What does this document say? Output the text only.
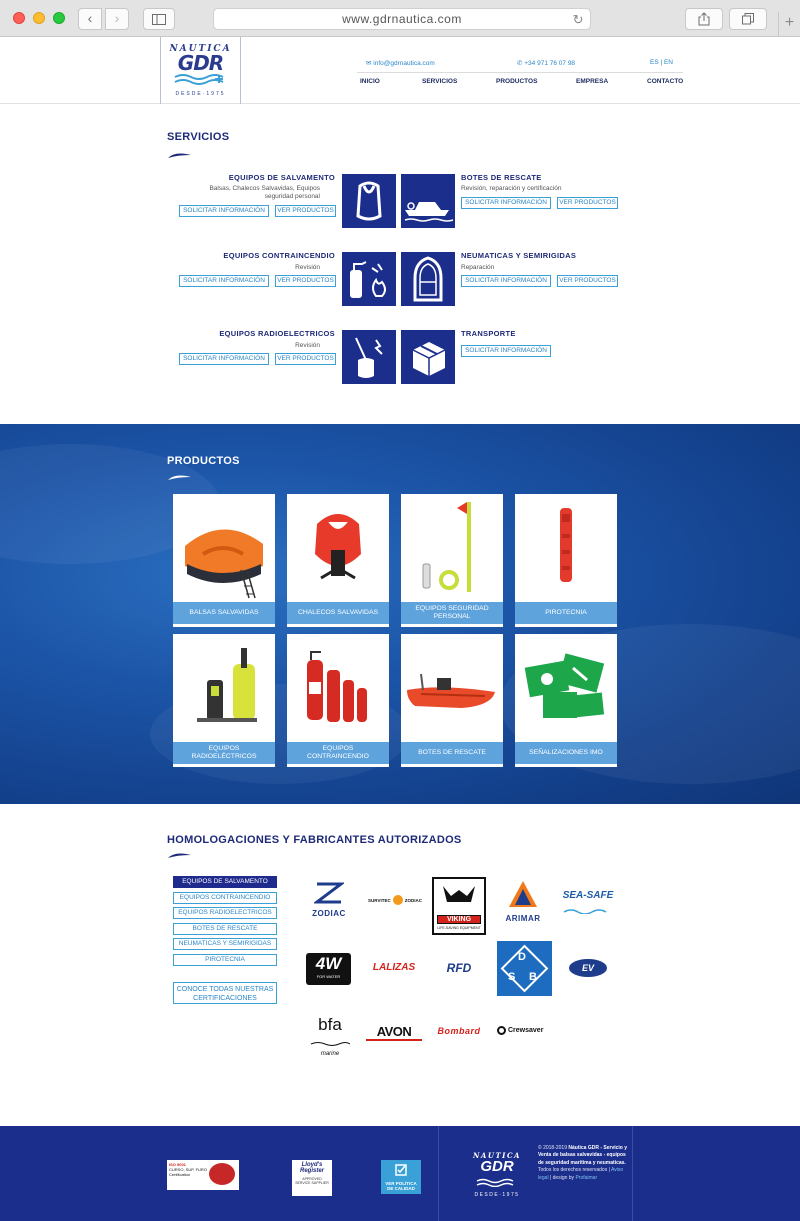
‹	›	www.gdrnautica.com	↻	+
NAUTICA
GDR
DESDE·1975
✉ info@gdrnautica.com	✆ +34 971 76 07 98	ES | EN
INICIO	SERVICIOS	PRODUCTOS	EMPRESA	CONTACTO
SERVICIOS
EQUIPOS DE SALVAMENTO
Balsas, Chalecos Salvavidas, Equipos
seguridad personal
SOLICITAR INFORMACIÓN	VER PRODUCTOS
BOTES DE RESCATE
Revisión, reparación y certificación
SOLICITAR INFORMACIÓN	VER PRODUCTOS
EQUIPOS CONTRAINCENDIO
Revisión
SOLICITAR INFORMACIÓN	VER PRODUCTOS
NEUMATICAS Y SEMIRIGIDAS
Reparación
SOLICITAR INFORMACIÓN	VER PRODUCTOS
EQUIPOS RADIOELECTRICOS
Revisión
SOLICITAR INFORMACIÓN	VER PRODUCTOS
TRANSPORTE
SOLICITAR INFORMACIÓN
PRODUCTOS
BALSAS SALVAVIDAS	CHALECOS SALVAVIDAS
EQUIPOS SEGURIDAD PERSONAL
PIROTECNIA
EQUIPOS RADIOELÉCTRICOS
EQUIPOS CONTRAINCENDIO
BOTES DE RESCATE	SEÑALIZACIONES IMO
HOMOLOGACIONES Y FABRICANTES AUTORIZADOS
EQUIPOS DE SALVAMENTO
EQUIPOS CONTRAINCENDIO
EQUIPOS RADIOELECTRICOS
BOTES DE RESCATE
NEUMATICAS Y SEMIRIGIDAS
PIROTECNIA
CONOCE TODAS NUESTRAS CERTIFICACIONES
ZODIAC
SURVITEC	ZODIAC
VIKING
LIFE-SAVING EQUIPMENT
ARIMAR
SEA-SAFE
4W
FOR WATER
LALIZAS	RFD
D
S B
EV
bfa
marine
AVON	Bombard	Crewsaver
ISO 9001
CURSO, SUP. FURO
Certification
Lloyd's
Register
APPROVED
SERVICE SUPPLIER	VER POLÍTICA DE CALIDAD
NAUTICA
GDR
DESDE·1975
© 2018-2019 Náutica GDR - Servicio y Venta de balsas salvavidas - equipos de seguridad marítima y neumaticas. Todos los derechos reservados | Aviso legal | design by Profaimar
